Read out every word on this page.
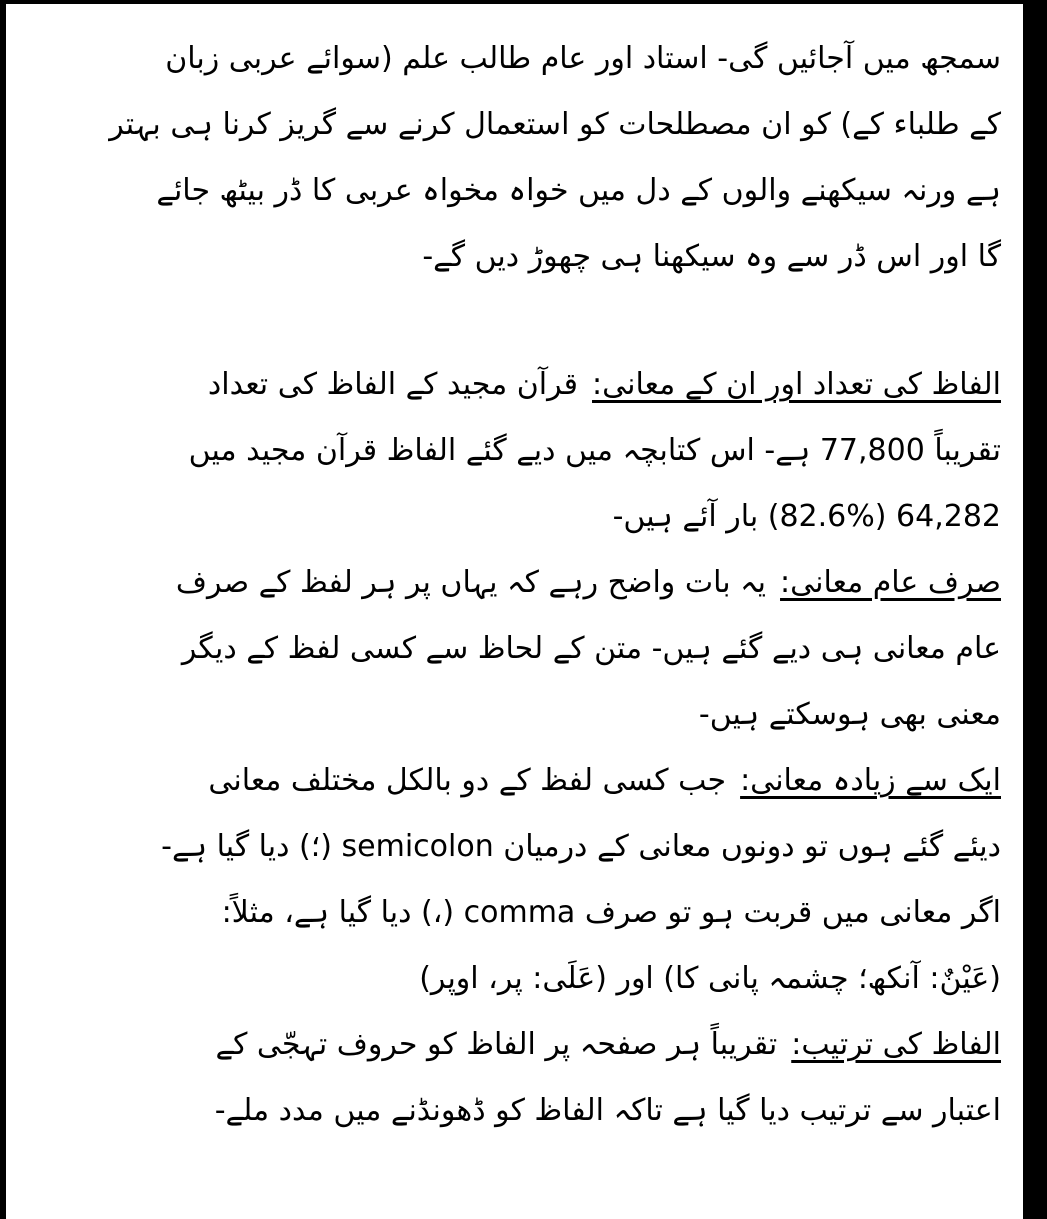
سمجھ میں آجائیں گی- استاد اور عام طالب علم (سوائے عربی زبان
کے طلباء کے) کو ان مصطلحات کو استعمال کرنے سے گریز کرنا ہی بہتر
ہے ورنہ سیکھنے والوں کے دل میں خواہ مخواہ عربی کا ڈر بیٹھ جائے
گا اور اس ڈر سے وہ سیکھنا ہی چھوڑ دیں گے-

الفاظ کی تعداد اور ان کے معانی:قرآن مجید کے الفاظ کی تعداد
تقریباً 77,800 ہے- اس کتابچہ میں دیے گئے الفاظ قرآن مجید میں
64,282 (82.6%) بار آئے ہیں-
صرف عام معانی:یہ بات واضح رہے کہ یہاں پر ہر لفظ کے صرف
عام معانی ہی دیے گئے ہیں- متن کے لحاظ سے کسی لفظ کے دیگر
معنی بھی ہوسکتے ہیں-
ایک سے زیادہ معانی:جب کسی لفظ کے دو بالکل مختلف معانی
دیئے گئے ہوں تو دونوں معانی کے درمیان semicolon (؛) دیا گیا ہے-
اگر معانی میں قربت ہو تو صرف comma (،) دیا گیا ہے، مثلاً:
(عَیْنٌ: آنکھ؛ چشمہ پانی کا) اور (عَلَی: پر، اوپر)
الفاظ کی ترتیب:تقریباً ہر صفحہ پر الفاظ کو حروف تہجّی کے
اعتبار سے ترتیب دیا گیا ہے تاکہ الفاظ کو ڈھونڈنے میں مدد ملے-
